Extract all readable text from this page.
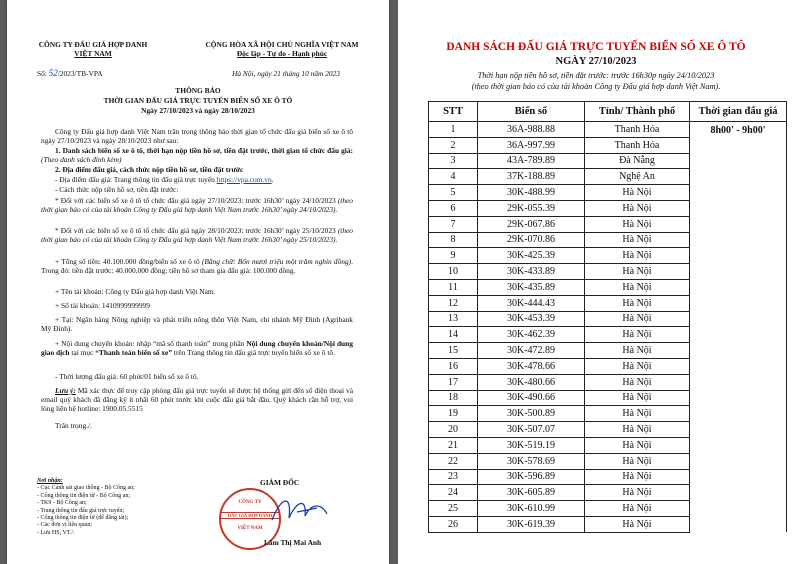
CÔNG TY ĐẤU GIÁ HỢP DANH
VIỆT NAM
CỘNG HÒA XÃ HỘI CHỦ NGHĨA VIỆT NAM
Độc lập - Tự do - Hạnh phúc
Số: 52/2023/TB-VPA	Hà Nội, ngày 21 tháng 10 năm 2023
THÔNG BÁO
THỜI GIAN ĐẤU GIÁ TRỰC TUYẾN BIỂN SỐ XE Ô TÔ
Ngày 27/10/2023 và ngày 28/10/2023
Công ty Đấu giá hợp danh Việt Nam trân trọng thông báo thời gian tổ chức đấu giá biển số xe ô tô ngày 27/10/2023 và ngày 28/10/2023 như sau:
1. Danh sách biển số xe ô tô, thời hạn nộp tiền hồ sơ, tiền đặt trước, thời gian tổ chức đấu giá: (Theo danh sách đính kèm)
2. Địa điểm đấu giá, cách thức nộp tiền hồ sơ, tiền đặt trước
- Địa điểm đấu giá: Trang thông tin đấu giá trực tuyến https://vpa.com.vn.
- Cách thức nộp tiền hồ sơ, tiền đặt trước:
* Đối với các biển số xe ô tô tổ chức đấu giá ngày 27/10/2023: trước 16h30’ ngày 24/10/2023 (theo thời gian báo có của tài khoản Công ty Đấu giá hợp danh Việt Nam trước 16h30’ ngày 24/10/2023).
* Đối với các biển số xe ô tô tổ chức đấu giá ngày 28/10/2023: trước 16h30’ ngày 25/10/2023 (theo thời gian báo có của tài khoản Công ty Đấu giá hợp danh Việt Nam trước 16h30’ ngày 25/10/2023).
+ Tổng số tiền: 40.100.000 đồng/biển số xe ô tô (Bằng chữ: Bốn mươi triệu một trăm nghìn đồng). Trong đó: tiền đặt trước: 40.000.000 đồng; tiền hồ sơ tham gia đấu giá: 100.000 đồng.
+ Tên tài khoản: Công ty Đấu giá hợp danh Việt Nam.
+ Số tài khoản: 1410999999999
+ Tại: Ngân hàng Nông nghiệp và phát triển nông thôn Việt Nam, chi nhánh Mỹ Đình (Agribank Mỹ Đình).
+ Nội dung chuyển khoản: nhập “mã số thanh toán” trong phần Nội dung chuyển khoản/Nội dung giao dịch tại mục “Thanh toán biển số xe” trên Trang thông tin đấu giá trực tuyến biển số xe ô tô.
- Thời lượng đấu giá: 60 phút/01 biển số xe ô tô.
Lưu ý: Mã xác thực để truy cập phòng đấu giá trực tuyến sẽ được hệ thống gửi đến số điện thoại và email quý khách đã đăng ký ít nhất 60 phút trước khi cuộc đấu giá bắt đầu. Quý khách cần hỗ trợ, vui lòng liên hệ hotline: 1900.05.5515
Trân trọng./.
Nơi nhận:
- Cục Cảnh sát giao thông - Bộ Công an;
- Cổng thông tin điện tử - Bộ Công an;
- TK9 - Bộ Công an;
- Trang thông tin đấu giá trực tuyến;
- Cổng thông tin điện tử (để đăng tải);
- Các đơn vị liên quan;
- Lưu HS, VT./.
GIÁM ĐỐC
CÔNG TY
ĐẤU GIÁ HỢP DANH
VIỆT NAM
Lâm Thị Mai Anh
DANH SÁCH ĐẤU GIÁ TRỰC TUYẾN BIỂN SỐ XE Ô TÔ
NGÀY 27/10/2023
Thời hạn nộp tiền hồ sơ, tiền đặt trước: trước 16h30p ngày 24/10/2023
(theo thời gian báo có của tài khoản Công ty Đấu giá hợp danh Việt Nam).
STT	Biển số	Tỉnh/ Thành phố	Thời gian đấu giá
1	36A-988.88	Thanh Hóa	8h00' - 9h00'
2	36A-997.99	Thanh Hóa	
3	43A-789.89	Đà Nẵng	
4	37K-188.89	Nghệ An	
5	30K-488.99	Hà Nội	
6	29K-055.39	Hà Nội	
7	29K-067.86	Hà Nội	
8	29K-070.86	Hà Nội	
9	30K-425.39	Hà Nội	
10	30K-433.89	Hà Nội	
11	30K-435.89	Hà Nội	
12	30K-444.43	Hà Nội	
13	30K-453.39	Hà Nội	
14	30K-462.39	Hà Nội	
15	30K-472.89	Hà Nội	
16	30K-478.66	Hà Nội	
17	30K-480.66	Hà Nội	
18	30K-490.66	Hà Nội	
19	30K-500.89	Hà Nội	
20	30K-507.07	Hà Nội	
21	30K-519.19	Hà Nội	
22	30K-578.69	Hà Nội	
23	30K-596.89	Hà Nội	
24	30K-605.89	Hà Nội	
25	30K-610.99	Hà Nội	
26	30K-619.39	Hà Nội	
